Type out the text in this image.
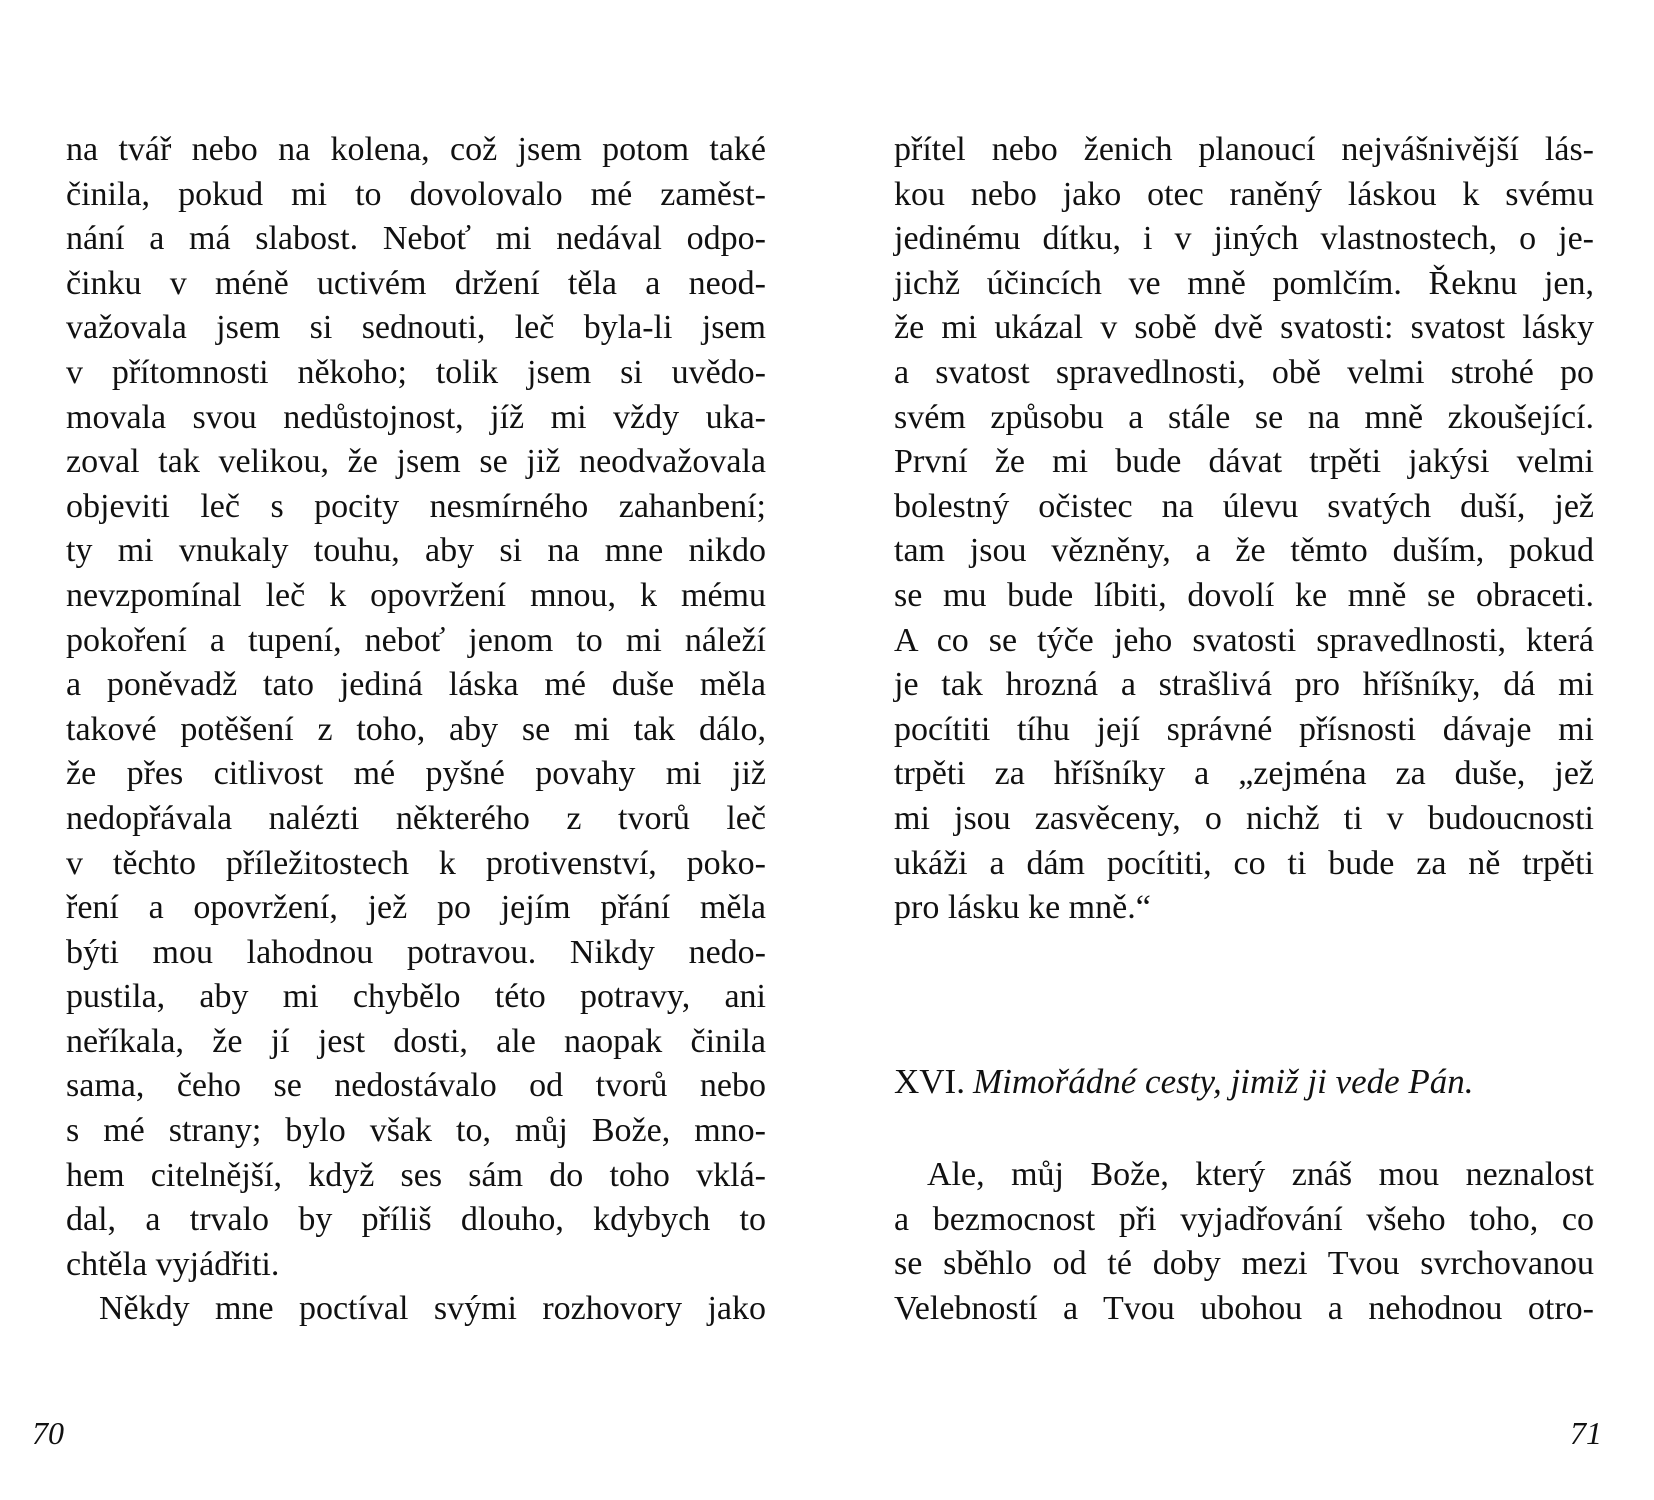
na tvář nebo na kolena, což jsem potom také
činila, pokud mi to dovolovalo mé zaměst-
nání a má slabost. Neboť mi nedával odpo-
činku v méně uctivém držení těla a neod-
važovala jsem si sednouti, leč byla-li jsem
v přítomnosti někoho; tolik jsem si uvědo-
movala svou nedůstojnost, jíž mi vždy uka-
zoval tak velikou, že jsem se již neodvažovala
objeviti leč s pocity nesmírného zahanbení;
ty mi vnukaly touhu, aby si na mne nikdo
nevzpomínal leč k opovržení mnou, k mému
pokoření a tupení, neboť jenom to mi náleží
a poněvadž tato jediná láska mé duše měla
takové potěšení z toho, aby se mi tak dálo,
že přes citlivost mé pyšné povahy mi již
nedopřávala nalézti některého z tvorů leč
v těchto příležitostech k protivenství, poko-
ření a opovržení, jež po jejím přání měla
býti mou lahodnou potravou. Nikdy nedo-
pustila, aby mi chybělo této potravy, ani
neříkala, že jí jest dosti, ale naopak činila
sama, čeho se nedostávalo od tvorů nebo
s mé strany; bylo však to, můj Bože, mno-
hem citelnější, když ses sám do toho vklá-
dal, a trvalo by příliš dlouho, kdybych to
chtěla vyjádřiti.
Někdy mne poctíval svými rozhovory jako
70
přítel nebo ženich planoucí nejvášnivější lás-
kou nebo jako otec raněný láskou k svému
jedinému dítku, i v jiných vlastnostech, o je-
jichž účincích ve mně pomlčím. Řeknu jen,
že mi ukázal v sobě dvě svatosti: svatost lásky
a svatost spravedlnosti, obě velmi strohé po
svém způsobu a stále se na mně zkoušející.
První že mi bude dávat trpěti jakýsi velmi
bolestný očistec na úlevu svatých duší, jež
tam jsou vězněny, a že těmto duším, pokud
se mu bude líbiti, dovolí ke mně se obraceti.
A co se týče jeho svatosti spravedlnosti, která
je tak hrozná a strašlivá pro hříšníky, dá mi
pocítiti tíhu její správné přísnosti dávaje mi
trpěti za hříšníky a „zejména za duše, jež
mi jsou zasvěceny, o nichž ti v budoucnosti
ukáži a dám pocítiti, co ti bude za ně trpěti
pro lásku ke mně.“
XVI. Mimořádné cesty, jimiž ji vede Pán.
Ale, můj Bože, který znáš mou neznalost
a bezmocnost při vyjadřování všeho toho, co
se sběhlo od té doby mezi Tvou svrchovanou
Velebností a Tvou ubohou a nehodnou otro-
71
